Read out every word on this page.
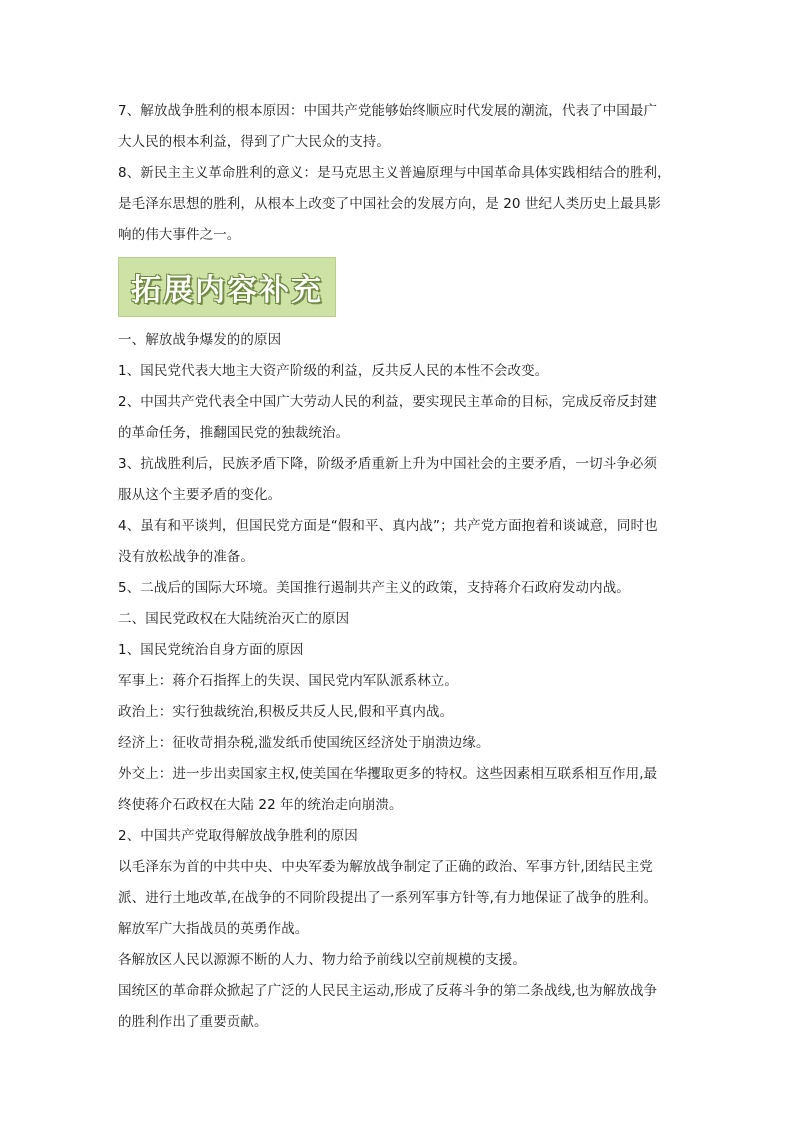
7、解放战争胜利的根本原因：中国共产党能够始终顺应时代发展的潮流，代表了中国最广
大人民的根本利益，得到了广大民众的支持。
8、新民主主义革命胜利的意义：是马克思主义普遍原理与中国革命具体实践相结合的胜利，
是毛泽东思想的胜利，从根本上改变了中国社会的发展方向，是 20 世纪人类历史上最具影
响的伟大事件之一。
拓展内容补充
一、解放战争爆发的的原因
1、国民党代表大地主大资产阶级的利益，反共反人民的本性不会改变。
2、中国共产党代表全中国广大劳动人民的利益，要实现民主革命的目标，完成反帝反封建
的革命任务，推翻国民党的独裁统治。
3、抗战胜利后，民族矛盾下降，阶级矛盾重新上升为中国社会的主要矛盾，一切斗争必须
服从这个主要矛盾的变化。
4、虽有和平谈判，但国民党方面是“假和平、真内战”；共产党方面抱着和谈诚意，同时也
没有放松战争的准备。
5、二战后的国际大环境。美国推行遏制共产主义的政策，支持蒋介石政府发动内战。
二、国民党政权在大陆统治灭亡的原因
1、国民党统治自身方面的原因
军事上：蒋介石指挥上的失误、国民党内军队派系林立。
政治上：实行独裁统治,积极反共反人民,假和平真内战。
经济上：征收苛捐杂税,滥发纸币使国统区经济处于崩溃边缘。
外交上：进一步出卖国家主权,使美国在华攫取更多的特权。这些因素相互联系相互作用,最
终使蒋介石政权在大陆 22 年的统治走向崩溃。
2、中国共产党取得解放战争胜利的原因
以毛泽东为首的中共中央、中央军委为解放战争制定了正确的政治、军事方针,团结民主党
派、进行土地改革,在战争的不同阶段提出了一系列军事方针等,有力地保证了战争的胜利。
解放军广大指战员的英勇作战。
各解放区人民以源源不断的人力、物力给予前线以空前规模的支援。
国统区的革命群众掀起了广泛的人民民主运动,形成了反蒋斗争的第二条战线,也为解放战争
的胜利作出了重要贡献。
